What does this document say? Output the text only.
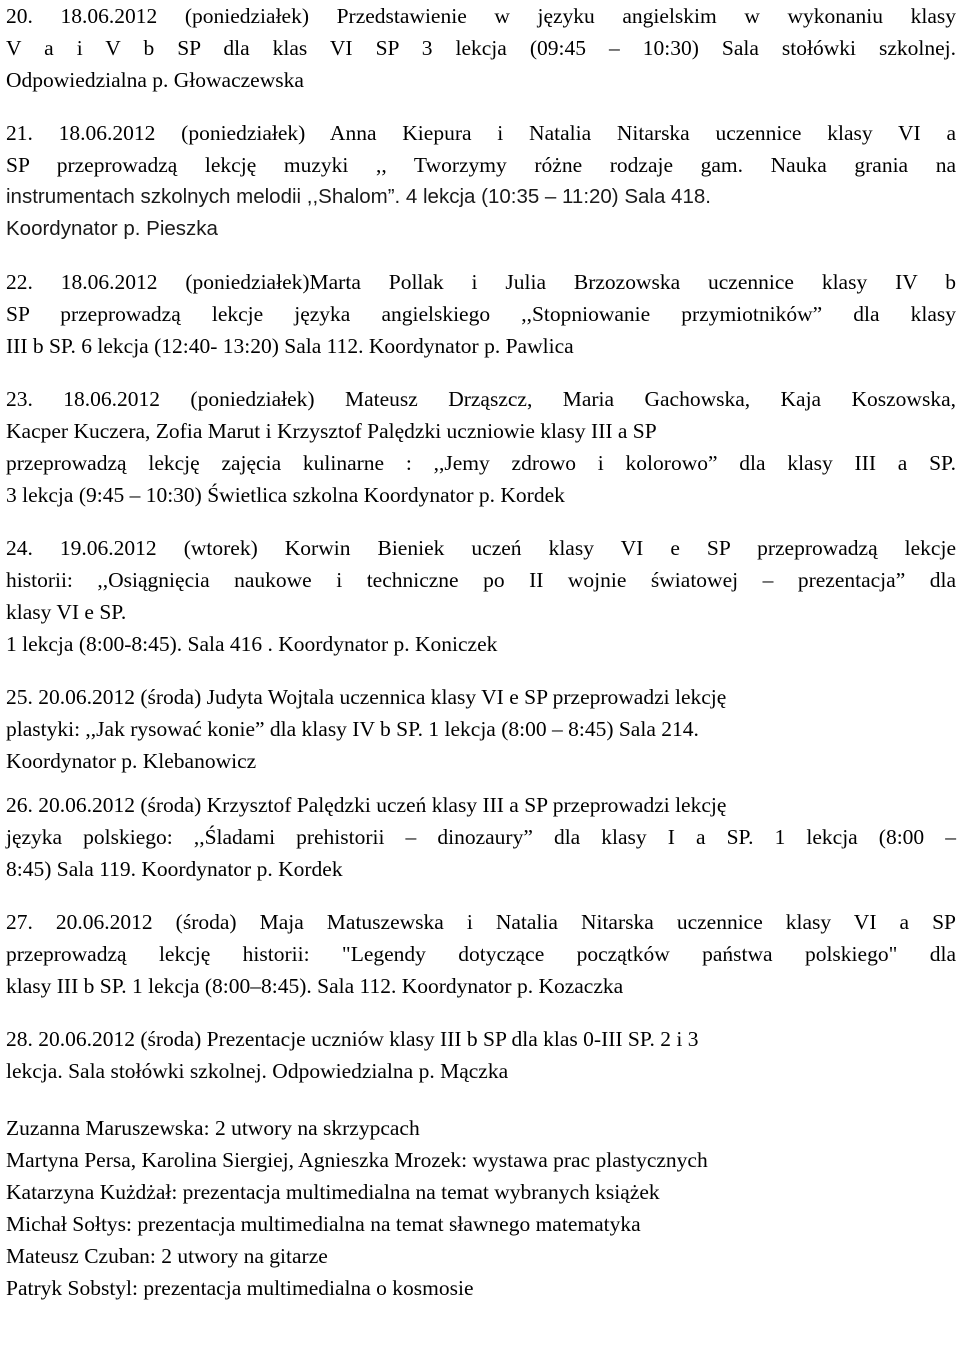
20. 18.06.2012 (poniedziałek) Przedstawienie w języku angielskim w wykonaniu klasy
V a i V b SP dla klas VI SP 3 lekcja (09:45 – 10:30) Sala stołówki szkolnej.
Odpowiedzialna p. Głowaczewska
21. 18.06.2012 (poniedziałek) Anna Kiepura i Natalia Nitarska uczennice klasy VI a
SP przeprowadzą lekcję muzyki ,, Tworzymy różne rodzaje gam. Nauka grania na
instrumentach szkolnych melodii ,,Shalom”. 4 lekcja (10:35 – 11:20) Sala 418.
Koordynator p. Pieszka
22. 18.06.2012 (poniedziałek)Marta Pollak i Julia Brzozowska uczennice klasy IV b
SP przeprowadzą lekcje języka angielskiego ,,Stopniowanie przymiotników” dla klasy
III b SP. 6 lekcja (12:40- 13:20) Sala 112. Koordynator p. Pawlica
23. 18.06.2012 (poniedziałek) Mateusz Drząszcz, Maria Gachowska, Kaja Koszowska,
Kacper Kuczera, Zofia Marut i Krzysztof Palędzki uczniowie klasy III a SP
przeprowadzą lekcję zajęcia kulinarne : ,,Jemy zdrowo i kolorowo” dla klasy III a SP.
3 lekcja (9:45 – 10:30) Świetlica szkolna Koordynator p. Kordek
24. 19.06.2012 (wtorek) Korwin Bieniek uczeń klasy VI e SP przeprowadzą lekcje
historii: ,,Osiągnięcia naukowe i techniczne po II wojnie światowej – prezentacja” dla
klasy VI e SP.
1 lekcja (8:00-8:45). Sala 416 . Koordynator p. Koniczek
25. 20.06.2012 (środa) Judyta Wojtala uczennica klasy VI e SP przeprowadzi lekcję
plastyki: ,,Jak rysować konie” dla klasy IV b SP. 1 lekcja (8:00 – 8:45) Sala 214.
Koordynator p. Klebanowicz
26. 20.06.2012 (środa) Krzysztof Palędzki uczeń klasy III a SP przeprowadzi lekcję
języka polskiego: ,,Śladami prehistorii – dinozaury” dla klasy I a SP. 1 lekcja (8:00 –
8:45) Sala 119. Koordynator p. Kordek
27. 20.06.2012 (środa) Maja Matuszewska i Natalia Nitarska uczennice klasy VI a SP
przeprowadzą lekcję historii: "Legendy dotyczące początków państwa polskiego" dla
klasy III b SP. 1 lekcja (8:00–8:45). Sala 112. Koordynator p. Kozaczka
28. 20.06.2012 (środa) Prezentacje uczniów klasy III b SP dla klas 0-III SP. 2 i 3
lekcja. Sala stołówki szkolnej. Odpowiedzialna p. Mączka
Zuzanna Maruszewska: 2 utwory na skrzypcach
Martyna Persa, Karolina Siergiej, Agnieszka Mrozek: wystawa prac plastycznych
Katarzyna Kużdżał: prezentacja multimedialna na temat wybranych książek
Michał Sołtys: prezentacja multimedialna na temat sławnego matematyka
Mateusz Czuban: 2 utwory na gitarze
Patryk Sobstyl: prezentacja multimedialna o kosmosie
